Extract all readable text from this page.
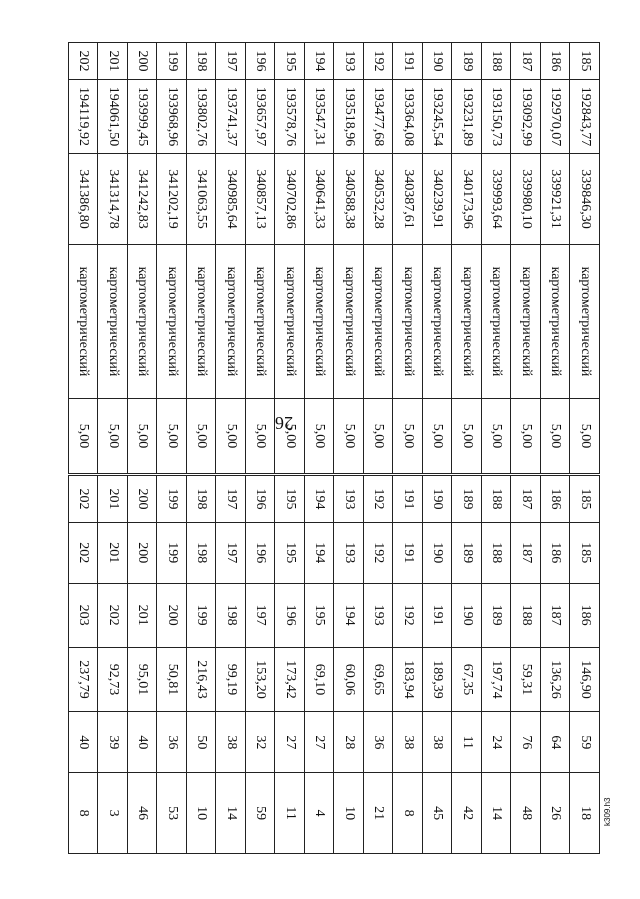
185	192843,77	339846,30	картометрический	5,00
186	192970,07	339921,31	картометрический	5,00
187	193092,99	339980,10	картометрический	5,00
188	193150,73	339993,64	картометрический	5,00
189	193231,89	340173,96	картометрический	5,00
190	193245,54	340239,91	картометрический	5,00
191	193364,08	340387,61	картометрический	5,00
192	193477,68	340532,28	картометрический	5,00
193	193518,96	340588,38	картометрический	5,00
194	193547,31	340641,33	картометрический	5,00
195	193578,76	340702,86	картометрический	5,00
196	193657,97	340857,13	картометрический	5,00
197	193741,37	340985,64	картометрический	5,00
198	193802,76	341063,55	картометрический	5,00
199	193968,96	341202,19	картометрический	5,00
200	193999,45	341242,83	картометрический	5,00
201	194061,50	341314,78	картометрический	5,00
202	194119,92	341386,80	картометрический	5,00
185	185	186	146,90	59	18
186	186	187	136,26	64	26
187	187	188	59,31	76	48
188	188	189	197,74	24	14
189	189	190	67,35	11	42
190	190	191	189,39	38	45
191	191	192	183,94	38	8
192	192	193	69,65	36	21
193	193	194	60,06	28	10
194	194	195	69,10	27	4
195	195	196	173,42	27	11
196	196	197	153,20	32	59
197	197	198	99,19	38	14
198	198	199	216,43	50	10
199	199	200	50,81	36	53
200	200	201	95,01	40	46
201	201	202	92,73	39	3
202	202	203	237,79	40	8
26
k309.h3
